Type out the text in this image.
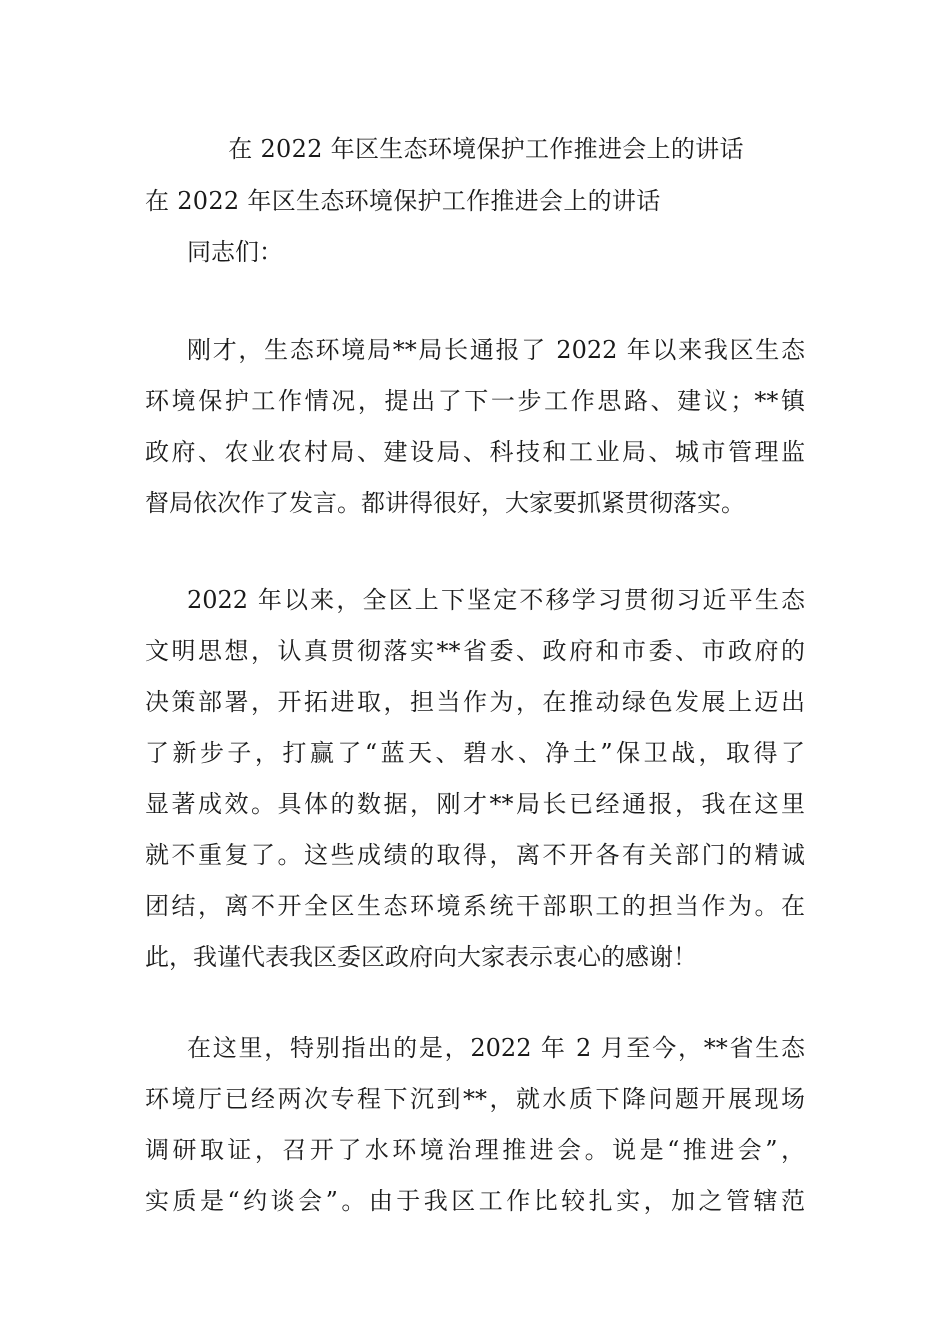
在 2022 年区生态环境保护工作推进会上的讲话
在 2022 年区生态环境保护工作推进会上的讲话
同志们：
刚才，生态环境局**局长通报了 2022 年以来我区生态
环境保护工作情况，提出了下一步工作思路、建议；**镇
政府、农业农村局、建设局、科技和工业局、城市管理监
督局依次作了发言。都讲得很好，大家要抓紧贯彻落实。
2022 年以来，全区上下坚定不移学习贯彻习近平生态
文明思想，认真贯彻落实**省委、政府和市委、市政府的
决策部署，开拓进取，担当作为，在推动绿色发展上迈出
了新步子，打赢了“蓝天、碧水、净土”保卫战，取得了
显著成效。具体的数据，刚才**局长已经通报，我在这里
就不重复了。这些成绩的取得，离不开各有关部门的精诚
团结，离不开全区生态环境系统干部职工的担当作为。在
此，我谨代表我区委区政府向大家表示衷心的感谢！
在这里，特别指出的是，2022 年 2 月至今，**省生态
环境厅已经两次专程下沉到**，就水质下降问题开展现场
调研取证，召开了水环境治理推进会。说是“推进会”，
实质是“约谈会”。由于我区工作比较扎实，加之管辖范
